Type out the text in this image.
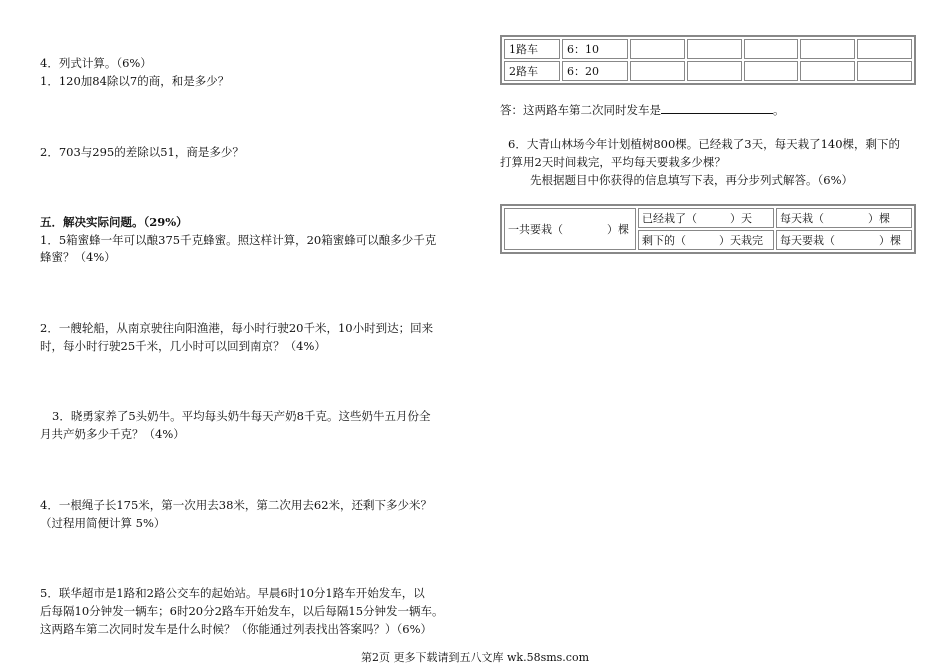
4．列式计算。（6%）
1．120加84除以7的商，和是多少？
2．703与295的差除以51，商是多少？
五．解决实际问题。（29%）
1．5箱蜜蜂一年可以酿375千克蜂蜜。照这样计算，20箱蜜蜂可以酿多少千克
蜂蜜？（4%）
2．一艘轮船，从南京驶往向阳渔港，每小时行驶20千米，10小时到达；回来
时，每小时行驶25千米，几小时可以回到南京？（4%）
3．晓勇家养了5头奶牛。平均每头奶牛每天产奶8千克。这些奶牛五月份全
月共产奶多少千克？（4%）
4．一根绳子长175米，第一次用去38米，第二次用去62米，还剩下多少米？
（过程用简便计算 5%）
5．联华超市是1路和2路公交车的起始站。早晨6时10分1路车开始发车，以
后每隔10分钟发一辆车；6时20分2路车开始发车，以后每隔15分钟发一辆车。
这两路车第二次同时发车是什么时候？（你能通过列表找出答案吗？）（6%）
1路车	6：10					
2路车	6：20					
答：这两路车第二次同时发车是	。
6．大青山林场今年计划植树800棵。已经栽了3天，每天栽了140棵，剩下的
打算用2天时间栽完，平均每天要栽多少棵？
先根据题目中你获得的信息填写下表，再分步列式解答。（6%）
一共要栽（　　　　）棵	已经栽了（　　　）天	每天栽（　　　　）棵
	剩下的（　　　）天栽完	每天要栽（　　　　）棵
第2页 更多下载请到五八文库 wk.58sms.com
